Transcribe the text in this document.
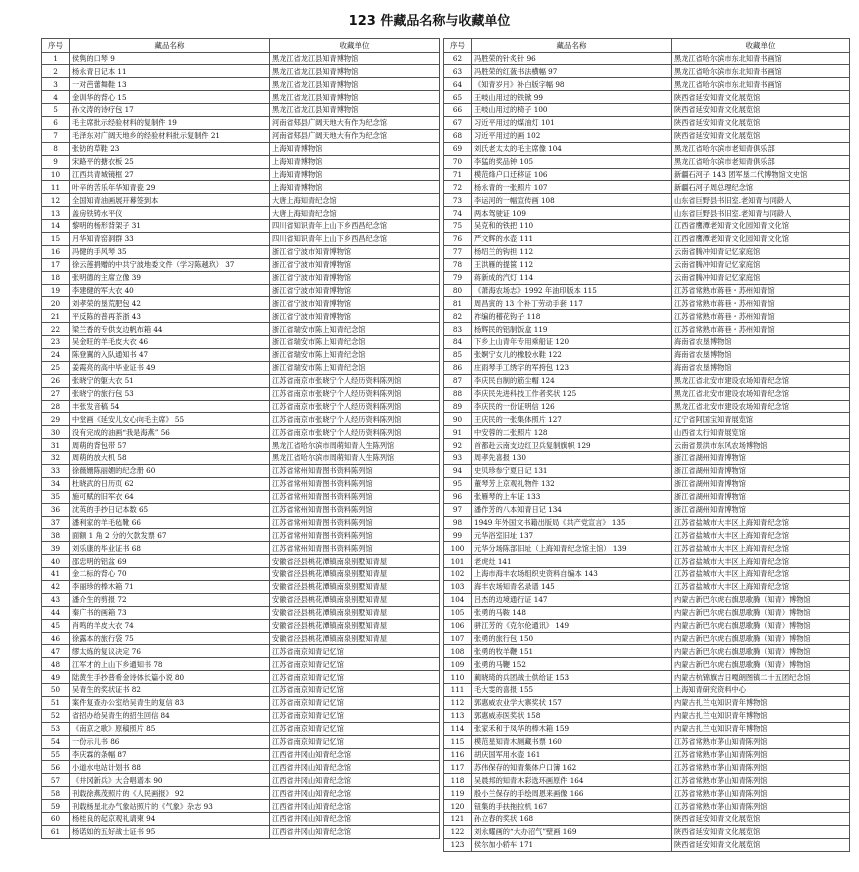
123 件藏品名称与收藏单位
序号	藏品名称	收藏单位
1	侯隽的口琴 9	黑龙江省龙江县知青博物馆
2	杨永青日记本 11	黑龙江省龙江县知青博物馆
3	一对芭蕾舞鞋 13	黑龙江省龙江县知青博物馆
4	金训华的背心 15	黑龙江省龙江县知青博物馆
5	孙文涛的诗疗包 17	黑龙江省龙江县知青博物馆
6	毛主席批示经验材料的复制件 19	河南省郏县广阔天地大有作为纪念馆
7	毛泽东对广阔天地乡的经验材料批示复制件 21	河南省郏县广阔天地大有作为纪念馆
8	张钫的草鞋 23	上海知青博物馆
9	宋路平的搪衣板 25	上海知青博物馆
10	江西共青城镜框 27	上海知青博物馆
11	叶辛的苦乐年华知青瓷 29	上海知青博物馆
12	全国知青油画展开幕签到本	大唐上海知青纪念馆
13	盖房铁铸水平仪	大唐上海知青纪念馆
14	黎明的杨形背架子 31	四川省知识青年上山下乡西昌纪念馆
15	月华知青窑洞群 33	四川省知识青年上山下乡西昌纪念馆
16	冯健的手风琴 35	浙江省宁波市知青博物馆
17	徐云莲捐赠的中共宁波地委文件（学习陈越玖） 37	浙江省宁波市知青博物馆
18	张明德的主席立像 39	浙江省宁波市知青博物馆
19	李建健的军大衣 40	浙江省宁波市知青博物馆
20	刘孝荣的垦荒肥包 42	浙江省宁波市知青博物馆
21	平反陈的普再茶浙 43	浙江省宁波市知青博物馆
22	梁兰香的专供支边帆布箱 44	浙江省瑞安市陈上知青纪念馆
23	吴金旺的羊毛皮大衣 46	浙江省瑞安市陈上知青纪念馆
24	陈登翼的入队通知书 47	浙江省瑞安市陈上知青纪念馆
25	姜霞亮的高中毕业证书 49	浙江省瑞安市陈上知青纪念馆
26	张晓宁的躯大衣 51	江苏省南京市张晓宁个人经历资料陈列馆
27	张晓宁的旅行包 53	江苏省南京市张晓宁个人经历资料陈列馆
28	丰张发音稿 54	江苏省南京市张晓宁个人经历资料陈列馆
29	中堂画《延安儿女心向毛主席》 55	江苏省南京市张晓宁个人经历资料陈列馆
30	没有完成的油画“我是海燕” 56	江苏省南京市张晓宁个人经历资料陈列馆
31	周萌的背包带 57	黑龙江省哈尔滨市周萌知青人生陈列馆
32	周萌的放大机 58	黑龙江省哈尔滨市周萌知青人生陈列馆
33	徐薇姗陈丽媚的纪念册 60	江苏省常州知青图书资料陈列馆
34	杜晓武的日历页 62	江苏省常州知青图书资料陈列馆
35	施可赋的旧军衣 64	江苏省常州知青图书资料陈列馆
36	沈英的手抄日记本数 65	江苏省常州知青图书资料陈列馆
37	潘利家的羊毛毡靴 66	江苏省常州知青图书资料陈列馆
38	面额 1 角 2 分的欠款发票 67	江苏省常州知青图书资料陈列馆
39	刘乐康的毕业证书 68	江苏省常州知青图书资料陈列馆
40	邵忠明的铝盆 69	安徽省泾县桃花潭镇南泉别墅知青屋
41	金二标的背心 70	安徽省泾县桃花潭镇南泉别墅知青屋
42	李丽珍的棒木箱 71	安徽省泾县桃花潭镇南泉别墅知青屋
43	潘介生的剪报 72	安徽省泾县桃花潭镇南泉别墅知青屋
44	秦广书的画箱 73	安徽省泾县桃花潭镇南泉别墅知青屋
45	肖鸣的羊皮大衣 74	安徽省泾县桃花潭镇南泉别墅知青屋
46	徐露本的旅行袋 75	安徽省泾县桃花潭镇南泉别墅知青屋
47	缪太炼的复议决定 76	江苏省南京知青记忆馆
48	江军才的上山下乡通知书 78	江苏省南京知青记忆馆
49	陆黄生手抄普希金诗体长篇小说 80	江苏省南京知青记忆馆
50	吴青生的奖状证书 82	江苏省南京知青记忆馆
51	案件复查办公室给吴青生的复信 83	江苏省南京知青记忆馆
52	省招办给吴青生的招生回信 84	江苏省南京知青记忆馆
53	《南京之歌》原稿照片 85	江苏省南京知青记忆馆
54	一份示儿书 86	江苏省南京知青记忆馆
55	李庆霖的条幅 87	江西省井冈山知青纪念馆
56	小道水电站计划书 88	江西省井冈山知青纪念馆
57	《井冈新兵》大合唱谱本 90	江西省井冈山知青纪念馆
58	刊载徐燕茂照片的《人民画报》 92	江西省井冈山知青纪念馆
59	刊载杨星北办气象站照片的《气象》杂志 93	江西省井冈山知青纪念馆
60	杨桂良的起京观礼请柬 94	江西省井冈山知青纪念馆
61	杨诺如的五好战士证书 95	江西省井冈山知青纪念馆
序号	藏品名称	收藏单位
62	冯胜荣的针炙针 96	黑龙江省哈尔滨市东北知青书画馆
63	冯胜荣的红蔹书法横幅 97	黑龙江省哈尔滨市东北知青书画馆
64	《知青岁月》补白版字幅 98	黑龙江省哈尔滨市东北知青书画馆
65	王岐山用过的铁锨 99	陕西省延安知青文化展览馆
66	王岐山用过的椅子 100	陕西省延安知青文化展览馆
67	习近平用过的煤油灯 101	陕西省延安知青文化展览馆
68	习近平用过的画 102	陕西省延安知青文化展览馆
69	刘氏老太太的毛主席像 104	黑龙江省哈尔滨市老知青俱乐部
70	李猛的奖品钟 105	黑龙江省哈尔滨市老知青俱乐部
71	模范烽户口迁移证 106	新疆石河子 143 团军垦二代博物馆文史馆
72	杨永青的一张照片 107	新疆石河子周总理纪念馆
73	李运河的一幅宣传画 108	山东省巨野县书旧室.老知青与同龄人
74	两本驾驶证 109	山东省巨野县书旧室.老知青与同龄人
75	吴克和的铁把 110	江西省鹰潭老知青文化园知青文化馆
76	严文辉的水壶 111	江西省鹰潭老知青文化园知青文化馆
77	杨绍兰的钩担 112	云南省腾冲知青记忆家庭馆
78	王洪雁的提箧 112	云南省腾冲知青记忆家庭馆
79	蒋新成的汽灯 114	云南省腾冲知青记忆家庭馆
80	《萧海农场志》1992 年油印版本 115	江苏省常熟市蒋巷・苏州知青馆
81	周昌寅的 13 个补丁劳动手套 117	江苏省常熟市蒋巷・苏州知青馆
82	祚编的稽花钩子 118	江苏省常熟市蒋巷・苏州知青馆
83	杨辉民的铝制饭盒 119	江苏省常熟市蒋巷・苏州知青馆
84	下乡上山青年专用乘船证 120	海南省农垦博物馆
85	张婀宁女儿的橡胶水鞋 122	海南省农垦博物馆
86	庄雨琴手工绣字的军挎包 123	海南省农垦博物馆
87	李庆民自制的筋尘帽 124	黑龙江省北安市建设农场知青纪念馆
88	李庆民先进科技工作者奖状 125	黑龙江省北安市建设农场知青纪念馆
89	李庆民的一份证明信 126	黑龙江省北安市建设农场知青纪念馆
90	王庆民的一张集体照片 127	辽宁省阿国宝知青展览馆
91	中安蓉的二张照片 128	山西省太行知青展览馆
92	首都赴云南支边红卫兵复制旗帜 129	云南省景洪市东风农场博物馆
93	周孝先喜报 130	浙江省湖州知青博物馆
94	史贝珍参宁夏日记 131	浙江省湖州知青博物馆
95	董琴芳上京观礼物件 132	浙江省湖州知青博物馆
96	张雁琴的上车证 133	浙江省湖州知青博物馆
97	潘作芳的八本知青日记 134	浙江省湖州知青博物馆
98	1949 年外国文书籍出版局《共产党宣言》 135	江苏省盐城市大丰区上海知青纪念馆
99	元华浴室旧址 137	江苏省盐城市大丰区上海知青纪念馆
100	元华分场陈部旧址（上海知青纪念馆主馆） 139	江苏省盐城市大丰区上海知青纪念馆
101	老虎灶 141	江苏省盐城市大丰区上海知青纪念馆
102	上海市海丰农场组织史资料自编本 143	江苏省盐城市大丰区上海知青纪念馆
103	海丰农场知青名录谱 145	江苏省盐城市大丰区上海知青纪念馆
104	吕杰的边境通行证 147	内蒙古新巴尔虎右旗思歌腾（知青）博物馆
105	张勇的马鞍 148	内蒙古新巴尔虎右旗思歌腾（知青）博物馆
106	骈江芳的《克尔伦通讯》 149	内蒙古新巴尔虎右旗思歌腾（知青）博物馆
107	张勇的旅行包 150	内蒙古新巴尔虎右旗思歌腾（知青）博物馆
108	张勇的牧羊鞭 151	内蒙古新巴尔虎右旗思歌腾（知青）博物馆
109	张勇的马鞭 152	内蒙古新巴尔虎右旗思歌腾（知青）博物馆
110	蔺晓琦的兵团战士供给证 153	内蒙古杭锦旗吉日嘎朗图镇二十五团纪念馆
111	毛大雯的喜报 155	上海知青研究资料中心
112	郭惠威农业学大寨奖状 157	内蒙古扎兰屯知识青年博物馆
113	郭惠威赤医奖状 158	内蒙古扎兰屯知识青年博物馆
114	张家禾和于凤华的棒木箱 159	内蒙古扎兰屯知识青年博物馆
115	模范星知青木厕藏书票 160	江苏省常熟市茅山知青陈列馆
116	胡庆国军用水壶 161	江苏省常熟市茅山知青陈列馆
117	苏伟保存的知青集体户口簿 162	江苏省常熟市茅山知青陈列馆
118	吴晨邦的知青木彩选环画原件 164	江苏省常熟市茅山知青陈列馆
119	殷小兰保存的手绘周恩来画像 166	江苏省常熟市茅山知青陈列馆
120	钮集的手扶拖拉机 167	江苏省常熟市茅山知青陈列馆
121	孙立春的奖状 168	陕西省延安知青文化展览馆
122	刘永耀画的“大办沼气”壁画 169	陕西省延安知青文化展览馆
123	侯尔加小轿车 171	陕西省延安知青文化展览馆
